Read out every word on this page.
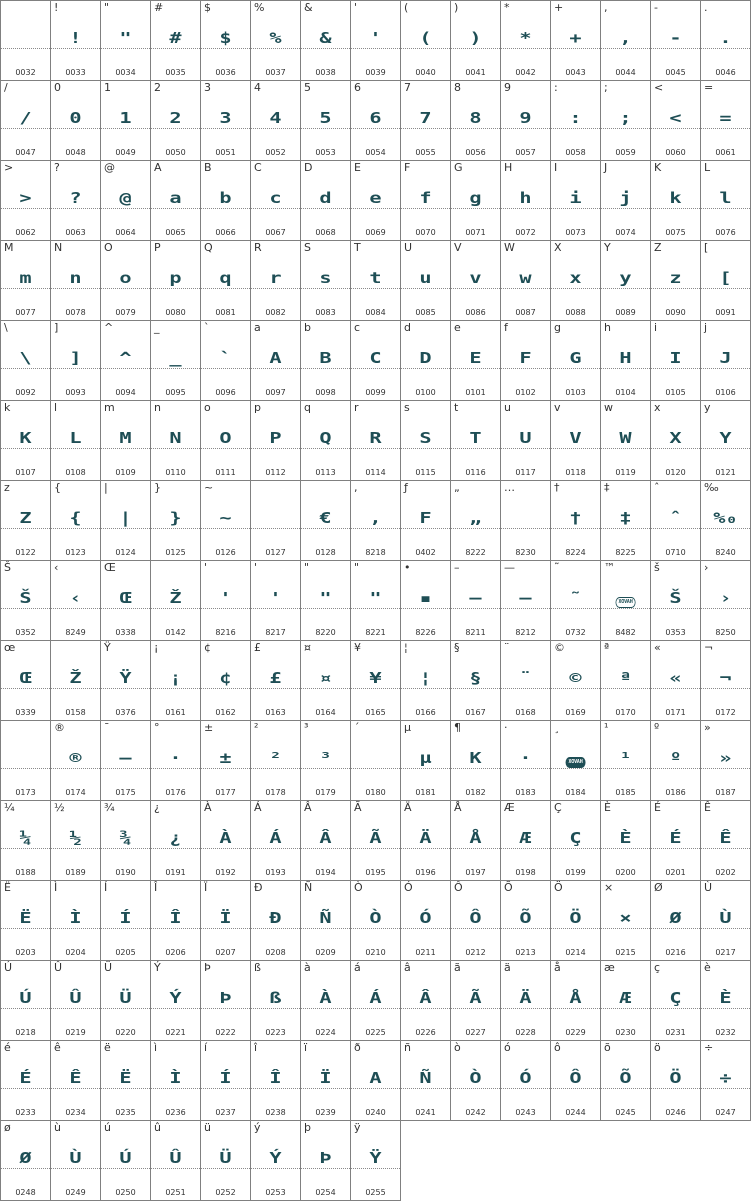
0032
!
!
0033
"
"
0034
#
#
0035
$
$
0036
%
%
0037
&
&
0038
'
'
0039
(
(
0040
)
)
0041
*
*
0042
+
+
0043
,
,
0044
-
-
0045
.
.
0046
/
/
0047
0
0
0048
1
1
0049
2
2
0050
3
3
0051
4
4
0052
5
5
0053
6
6
0054
7
7
0055
8
8
0056
9
9
0057
:
:
0058
;
;
0059
<
<
0060
=
=
0061
>
>
0062
?
?
0063
@
@
0064
A
a
0065
B
b
0066
C
c
0067
D
d
0068
E
e
0069
F
f
0070
G
g
0071
H
h
0072
I
i
0073
J
j
0074
K
k
0075
L
l
0076
M
m
0077
N
n
0078
O
o
0079
P
p
0080
Q
q
0081
R
r
0082
S
s
0083
T
t
0084
U
u
0085
V
v
0086
W
w
0087
X
x
0088
Y
y
0089
Z
z
0090
[
[
0091
\
\
0092
]
]
0093
^
^
0094
_
_
0095
`
`
0096
a
A
0097
b
B
0098
c
C
0099
d
D
0100
e
E
0101
f
F
0102
g
G
0103
h
H
0104
i
I
0105
j
J
0106
k
K
0107
l
L
0108
m
M
0109
n
N
0110
o
O
0111
p
P
0112
q
Q
0113
r
R
0114
s
S
0115
t
T
0116
u
U
0117
v
V
0118
w
W
0119
x
X
0120
y
Y
0121
z
Z
0122
{
{
0123
|
|
0124
}
}
0125
~
~
0126	0127
€
0128
,
,
8218
ƒ
F
0402
„
„
8222
…
8230
†
†
8224
‡
‡
8225
ˆ
ˆ
0710
‰
%₀
8240
Š
Š
0352
‹
‹
8249
Œ
Œ
0338
Ž
0142
'
'
8216
'
'
8217
"
"
8220
"
"
8221
•
▪
8226
–
–
8211
—
—
8212
˜
˜
0732
™
XOVAH
8482
š
Š
0353
›
›
8250
œ
Œ
0339
Ž
0158
Ÿ
Ÿ
0376
¡
¡
0161
¢
¢
0162
£
£
0163
¤
¤
0164
¥
¥
0165
¦
¦
0166
§
§
0167
¨
¨
0168
©
©
0169
ª
ª
0170
«
«
0171
¬
¬
0172
0173
®
®
0174
¯
–
0175
°
·
0176
±
±
0177
²
²
0178
³
³
0179
´
0180
µ
µ
0181
¶
K
0182
·
·
0183
¸
XOVAH
0184
¹
¹
0185
º
º
0186
»
»
0187
¼
¼
0188
½
½
0189
¾
¾
0190
¿
¿
0191
À
À
0192
Á
Á
0193
Â
Â
0194
Ã
Ã
0195
Ä
Ä
0196
Å
Å
0197
Æ
Æ
0198
Ç
Ç
0199
È
È
0200
É
É
0201
Ê
Ê
0202
Ë
Ë
0203
Ì
Ì
0204
Í
Í
0205
Î
Î
0206
Ï
Ï
0207
Ð
Ð
0208
Ñ
Ñ
0209
Ò
Ò
0210
Ó
Ó
0211
Ô
Ô
0212
Õ
Õ
0213
Ö
Ö
0214
×
×
0215
Ø
Ø
0216
Ù
Ù
0217
Ú
Ú
0218
Û
Û
0219
Ü
Ü
0220
Ý
Ý
0221
Þ
Þ
0222
ß
ß
0223
à
À
0224
á
Á
0225
â
Â
0226
ã
Ã
0227
ä
Ä
0228
å
Å
0229
æ
Æ
0230
ç
Ç
0231
è
È
0232
é
É
0233
ê
Ê
0234
ë
Ë
0235
ì
Ì
0236
í
Í
0237
î
Î
0238
ï
Ï
0239
ð
A
0240
ñ
Ñ
0241
ò
Ò
0242
ó
Ó
0243
ô
Ô
0244
õ
Õ
0245
ö
Ö
0246
÷
÷
0247
ø
Ø
0248
ù
Ù
0249
ú
Ú
0250
û
Û
0251
ü
Ü
0252
ý
Ý
0253
þ
Þ
0254
ÿ
Ÿ
0255
